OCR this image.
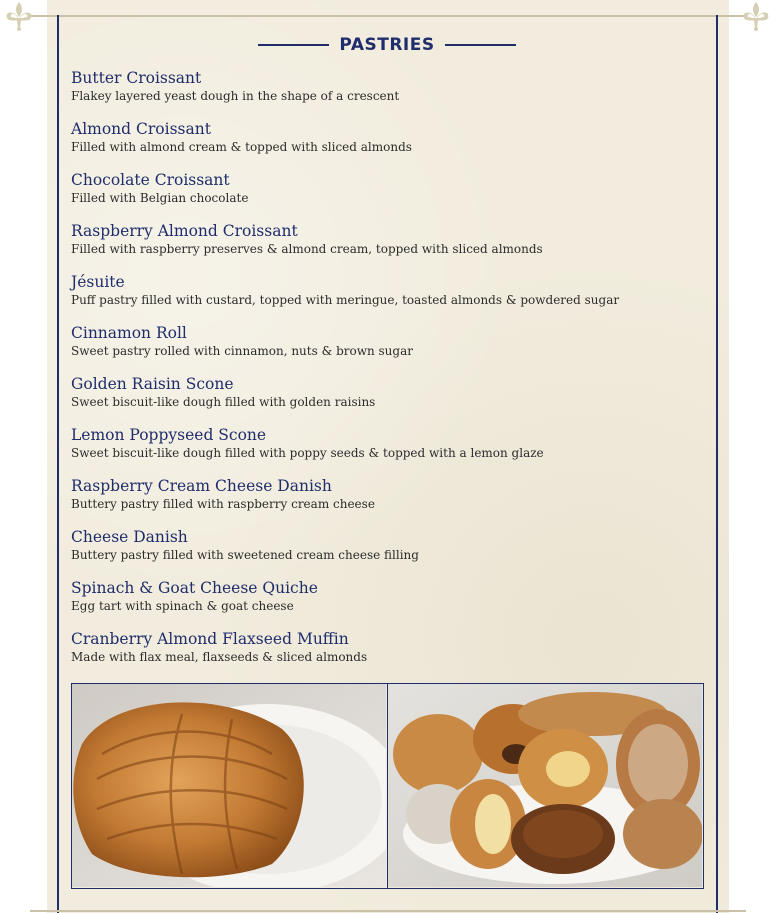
PASTRIES
Butter Croissant
Flakey layered yeast dough in the shape of a crescent
Almond Croissant
Filled with almond cream & topped with sliced almonds
Chocolate Croissant
Filled with Belgian chocolate
Raspberry Almond Croissant
Filled with raspberry preserves & almond cream, topped with sliced almonds
Jésuite
Puff pastry filled with custard, topped with meringue, toasted almonds & powdered sugar
Cinnamon Roll
Sweet pastry rolled with cinnamon, nuts & brown sugar
Golden Raisin Scone
Sweet biscuit-like dough filled with golden raisins
Lemon Poppyseed Scone
Sweet biscuit-like dough filled with poppy seeds & topped with a lemon glaze
Raspberry Cream Cheese Danish
Buttery pastry filled with raspberry cream cheese
Cheese Danish
Buttery pastry filled with sweetened cream cheese filling
Spinach & Goat Cheese Quiche
Egg tart with spinach & goat cheese
Cranberry Almond Flaxseed Muffin
Made with flax meal, flaxseeds & sliced almonds
